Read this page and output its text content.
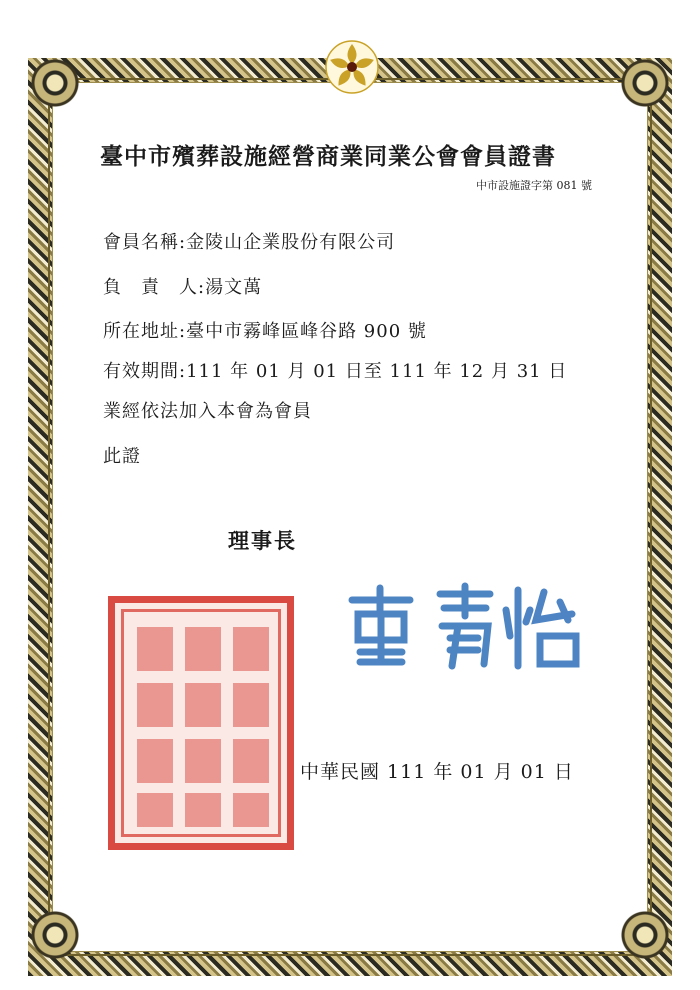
臺中市殯葬設施經營商業同業公會會員證書
中市設施證字第 081 號
會員名稱:金陵山企業股份有限公司
負　責　人:湯文萬
所在地址:臺中市霧峰區峰谷路 900 號
有效期間:111 年 01 月 01 日至 111 年 12 月 31 日
業經依法加入本會為會員
此證
理事長
中華民國 111 年 01 月 01 日
